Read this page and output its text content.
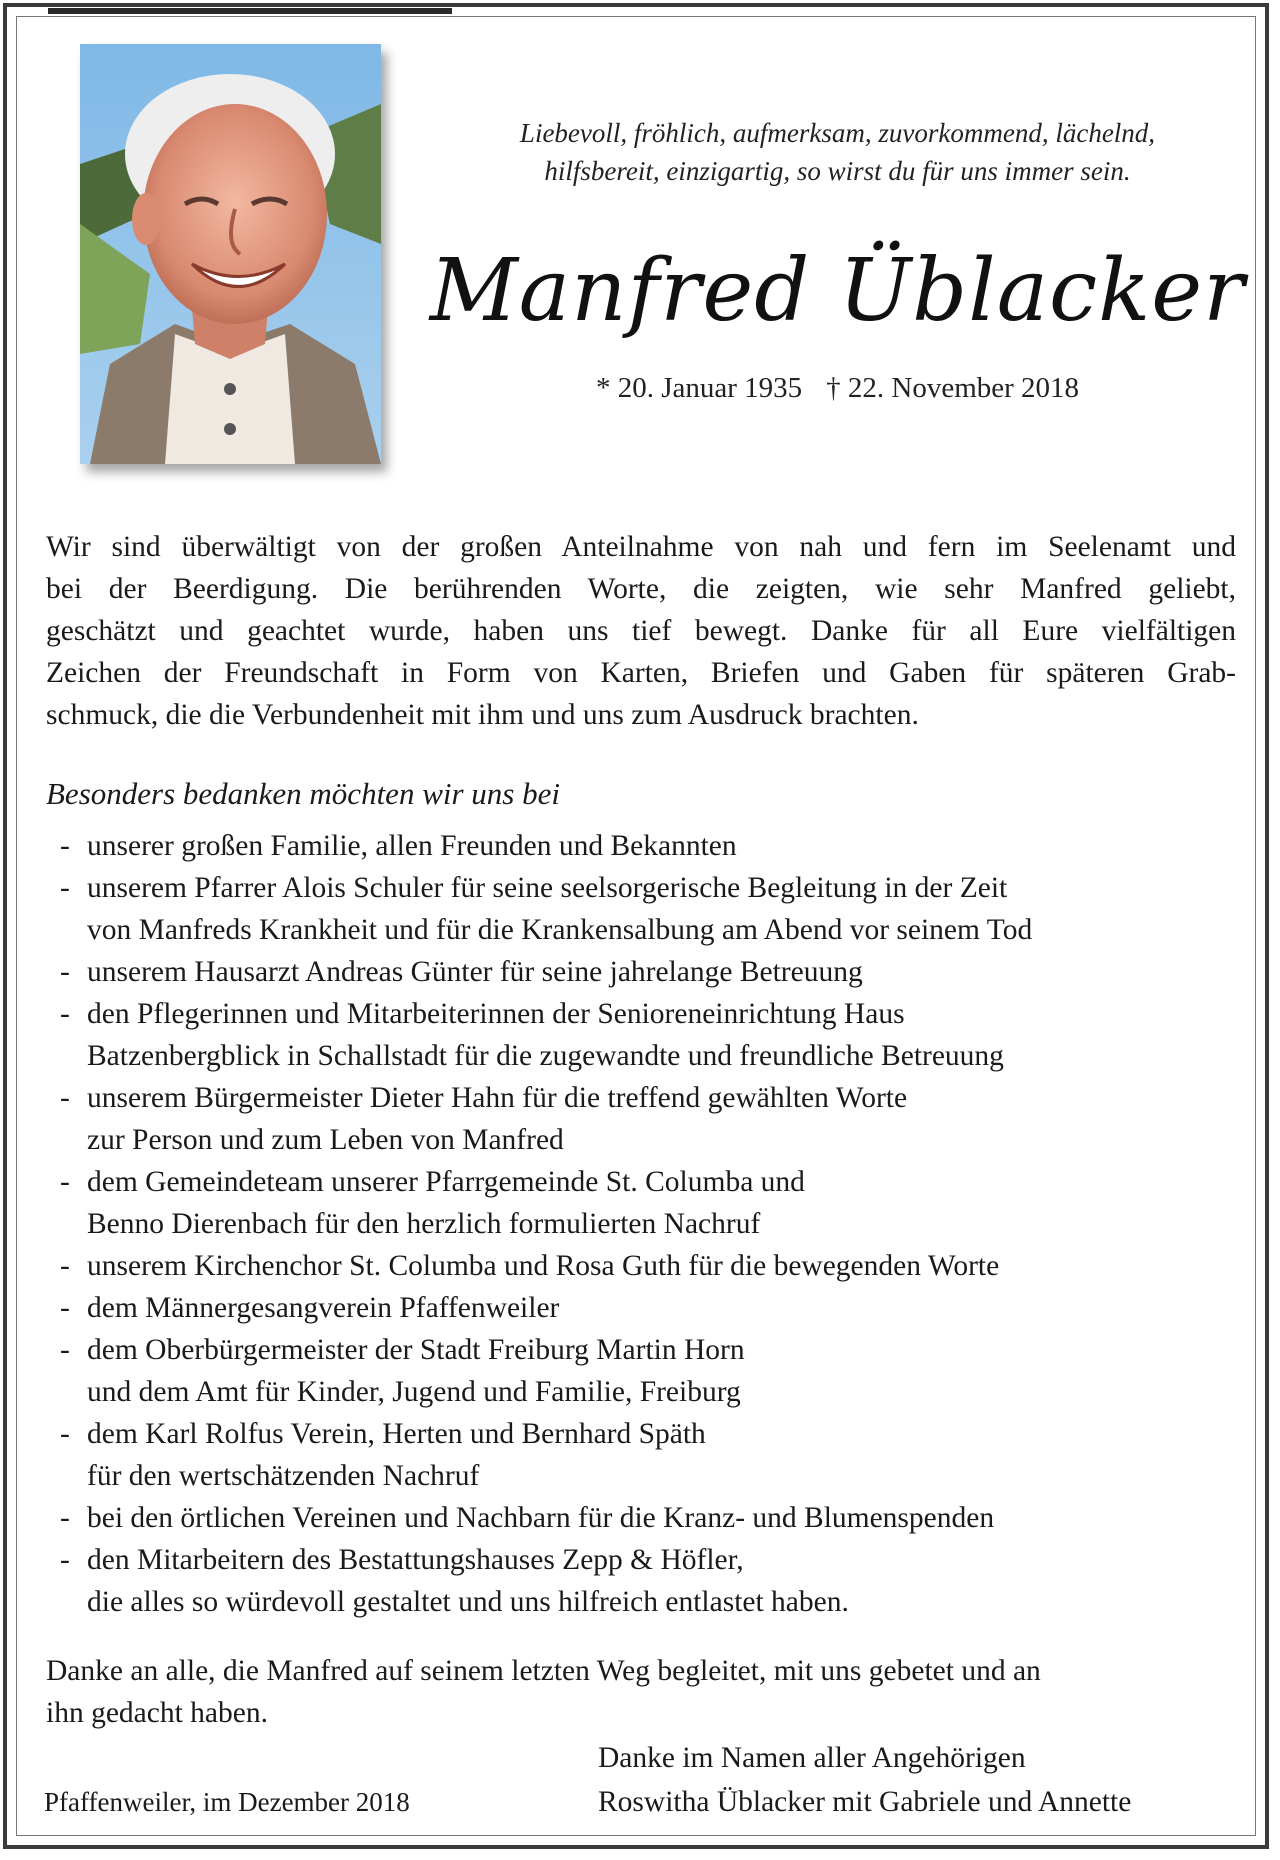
Liebevoll, fröhlich, aufmerksam, zuvorkommend, lächelnd,
hilfsbereit, einzigartig, so wirst du für uns immer sein.
Manfred Üblacker
* 20. Januar 1935 † 22. November 2018
Wir sind überwältigt von der großen Anteilnahme von nah und fern im Seelenamt und
bei der Beerdigung. Die berührenden Worte, die zeigten, wie sehr Manfred geliebt,
geschätzt und geachtet wurde, haben uns tief bewegt. Danke für all Eure vielfältigen
Zeichen der Freundschaft in Form von Karten, Briefen und Gaben für späteren Grab-
schmuck, die die Verbundenheit mit ihm und uns zum Ausdruck brachten.
Besonders bedanken möchten wir uns bei
- unserer großen Familie, allen Freunden und Bekannten
- unserem Pfarrer Alois Schuler für seine seelsorgerische Begleitung in der Zeit
von Manfreds Krankheit und für die Krankensalbung am Abend vor seinem Tod
- unserem Hausarzt Andreas Günter für seine jahrelange Betreuung
- den Pflegerinnen und Mitarbeiterinnen der Senioreneinrichtung Haus
Batzenbergblick in Schallstadt für die zugewandte und freundliche Betreuung
- unserem Bürgermeister Dieter Hahn für die treffend gewählten Worte
zur Person und zum Leben von Manfred
- dem Gemeindeteam unserer Pfarrgemeinde St. Columba und
Benno Dierenbach für den herzlich formulierten Nachruf
- unserem Kirchenchor St. Columba und Rosa Guth für die bewegenden Worte
- dem Männergesangverein Pfaffenweiler
- dem Oberbürgermeister der Stadt Freiburg Martin Horn
und dem Amt für Kinder, Jugend und Familie, Freiburg
- dem Karl Rolfus Verein, Herten und Bernhard Späth
für den wertschätzenden Nachruf
- bei den örtlichen Vereinen und Nachbarn für die Kranz- und Blumenspenden
- den Mitarbeitern des Bestattungshauses Zepp & Höfler,
die alles so würdevoll gestaltet und uns hilfreich entlastet haben.
Danke an alle, die Manfred auf seinem letzten Weg begleitet, mit uns gebetet und an
ihn gedacht haben.
Danke im Namen aller Angehörigen
Roswitha Üblacker mit Gabriele und Annette
Pfaffenweiler, im Dezember 2018
